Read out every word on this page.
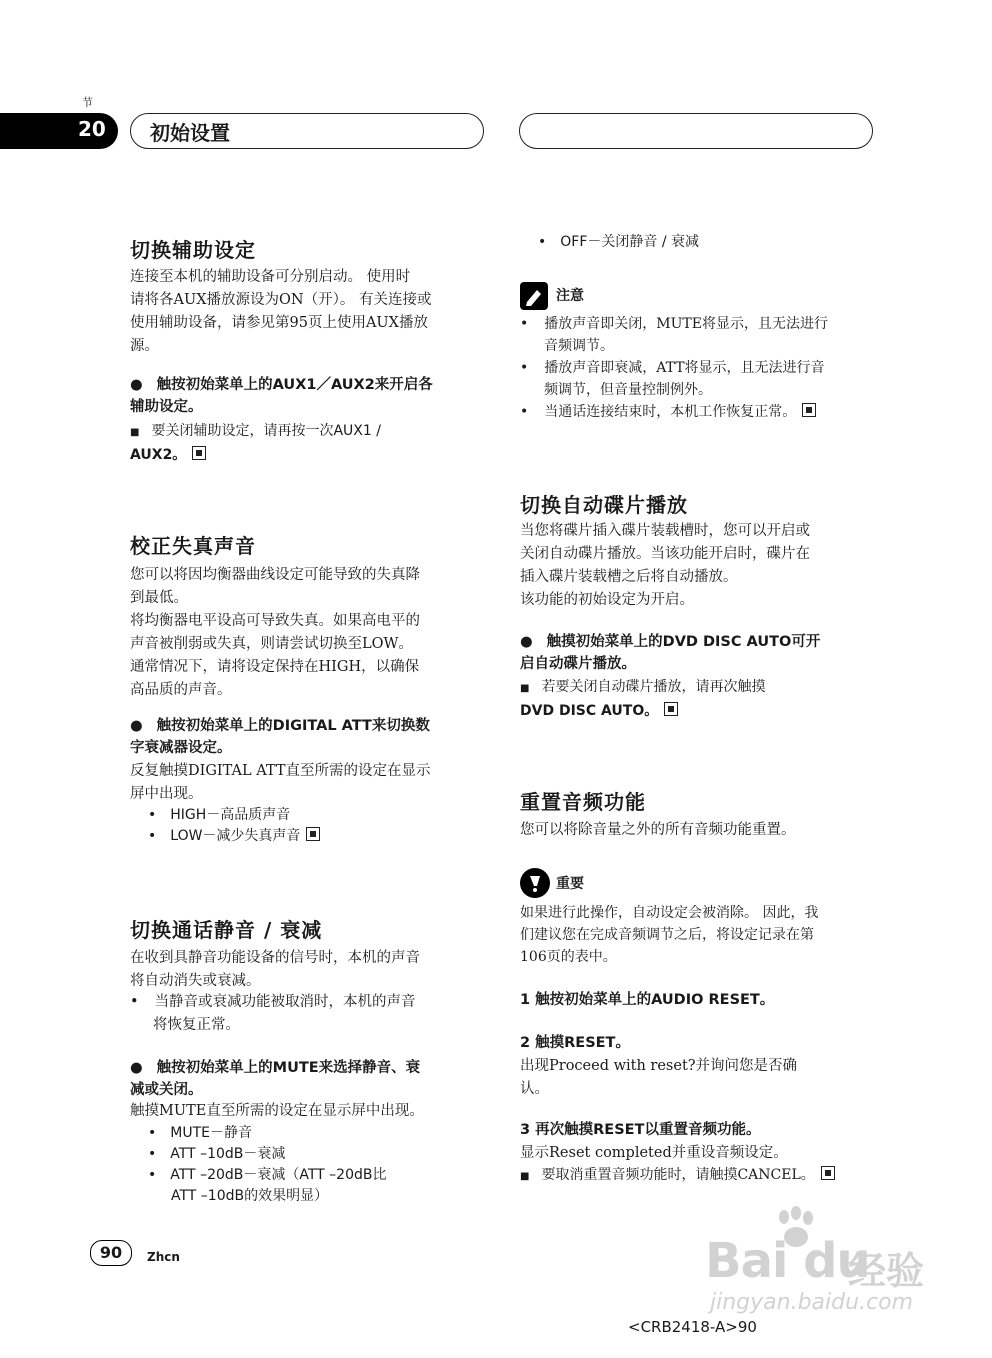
节
20 初始设置
切换辅助设定
连接至本机的辅助设备可分别启动。 使用时
请将各AUX播放源设为ON（开）。 有关连接或
使用辅助设备，请参见第95页上使用AUX播放
源。
● 触按初始菜单上的AUX1／AUX2来开启各
辅助设定。
■ 要关闭辅助设定，请再按一次AUX1 /
AUX2。
校正失真声音
您可以将因均衡器曲线设定可能导致的失真降
到最低。
将均衡器电平设高可导致失真。如果高电平的
声音被削弱或失真，则请尝试切换至LOW。
通常情况下，请将设定保持在HIGH，以确保
高品质的声音。
● 触按初始菜单上的DIGITAL ATT来切换数
字衰减器设定。
反复触摸DIGITAL ATT直至所需的设定在显示
屏中出现。
• HIGH－高品质声音
• LOW－减少失真声音
切换通话静音 / 衰减
在收到具静音功能设备的信号时，本机的声音
将自动消失或衰减。
• 当静音或衰减功能被取消时，本机的声音
将恢复正常。
● 触按初始菜单上的MUTE来选择静音、衰
减或关闭。
触摸MUTE直至所需的设定在显示屏中出现。
• MUTE－静音
• ATT –10dB－衰减
• ATT –20dB－衰减（ATT –20dB比
ATT –10dB的效果明显）
• OFF－关闭静音 / 衰减
注意
• 播放声音即关闭，MUTE将显示，且无法进行
音频调节。
• 播放声音即衰减，ATT将显示，且无法进行音
频调节，但音量控制例外。
• 当通话连接结束时，本机工作恢复正常。
切换自动碟片播放
当您将碟片插入碟片装载槽时，您可以开启或
关闭自动碟片播放。当该功能开启时，碟片在
插入碟片装载槽之后将自动播放。
该功能的初始设定为开启。
● 触摸初始菜单上的DVD DISC AUTO可开
启自动碟片播放。
■ 若要关闭自动碟片播放，请再次触摸
DVD DISC AUTO。
重置音频功能
您可以将除音量之外的所有音频功能重置。
重要
如果进行此操作，自动设定会被消除。 因此，我
们建议您在完成音频调节之后，将设定记录在第
106页的表中。
1 触按初始菜单上的AUDIO RESET。
2 触摸RESET。
出现Proceed with reset?并询问您是否确
认。
3 再次触摸RESET以重置音频功能。
显示Reset completed并重设音频设定。
■ 要取消重置音频功能时，请触摸CANCEL。
90	Zhcn
<CRB2418-A>90
Bai du
经验
jingyan.baidu.com
